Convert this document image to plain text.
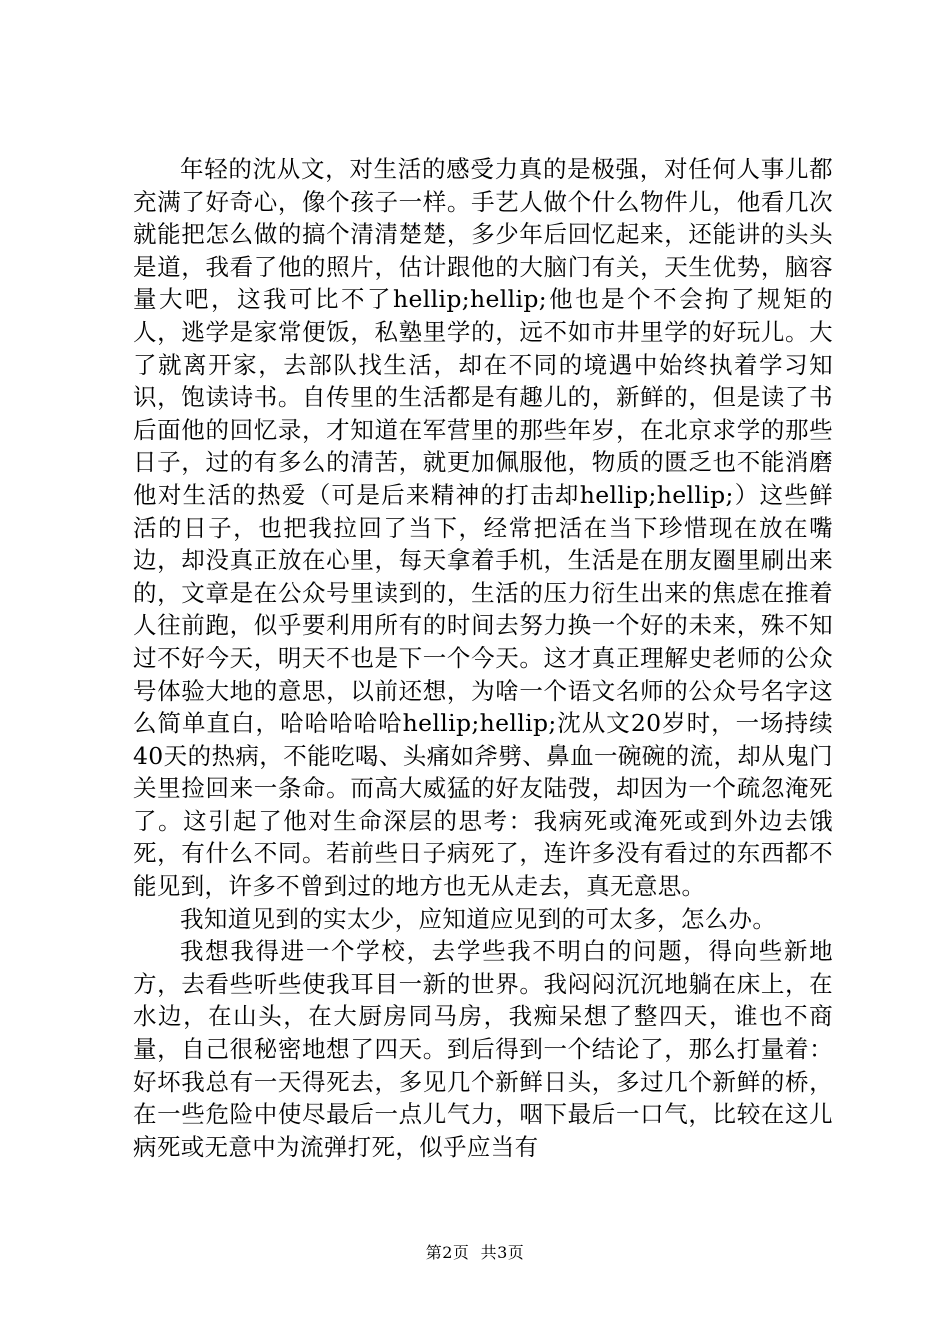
年轻的沈从文，对生活的感受力真的是极强，对任何人事儿都充满了好奇心，像个孩子一样。手艺人做个什么物件儿，他看几次就能把怎么做的搞个清清楚楚，多少年后回忆起来，还能讲的头头是道，我看了他的照片，估计跟他的大脑门有关，天生优势，脑容量大吧，这我可比不了hellip;hellip;他也是个不会拘了规矩的人，逃学是家常便饭，私塾里学的，远不如市井里学的好玩儿。大了就离开家，去部队找生活，却在不同的境遇中始终执着学习知识，饱读诗书。自传里的生活都是有趣儿的，新鲜的，但是读了书后面他的回忆录，才知道在军营里的那些年岁，在北京求学的那些日子，过的有多么的清苦，就更加佩服他，物质的匮乏也不能消磨他对生活的热爱（可是后来精神的打击却hellip;hellip;）这些鲜活的日子，也把我拉回了当下，经常把活在当下珍惜现在放在嘴边，却没真正放在心里，每天拿着手机，生活是在朋友圈里刷出来的，文章是在公众号里读到的，生活的压力衍生出来的焦虑在推着人往前跑，似乎要利用所有的时间去努力换一个好的未来，殊不知过不好今天，明天不也是下一个今天。这才真正理解史老师的公众号体验大地的意思，以前还想，为啥一个语文名师的公众号名字这么简单直白，哈哈哈哈哈hellip;hellip;沈从文20岁时，一场持续40天的热病，不能吃喝、头痛如斧劈、鼻血一碗碗的流，却从鬼门关里捡回来一条命。而高大威猛的好友陆弢，却因为一个疏忽淹死了。这引起了他对生命深层的思考：我病死或淹死或到外边去饿死，有什么不同。若前些日子病死了，连许多没有看过的东西都不能见到，许多不曾到过的地方也无从走去，真无意思。

我知道见到的实太少，应知道应见到的可太多，怎么办。

我想我得进一个学校，去学些我不明白的问题，得向些新地方，去看些听些使我耳目一新的世界。我闷闷沉沉地躺在床上，在水边，在山头，在大厨房同马房，我痴呆想了整四天，谁也不商量，自己很秘密地想了四天。到后得到一个结论了，那么打量着：好坏我总有一天得死去，多见几个新鲜日头，多过几个新鲜的桥，在一些危险中使尽最后一点儿气力，咽下最后一口气，比较在这儿病死或无意中为流弹打死，似乎应当有

第2页  共3页
